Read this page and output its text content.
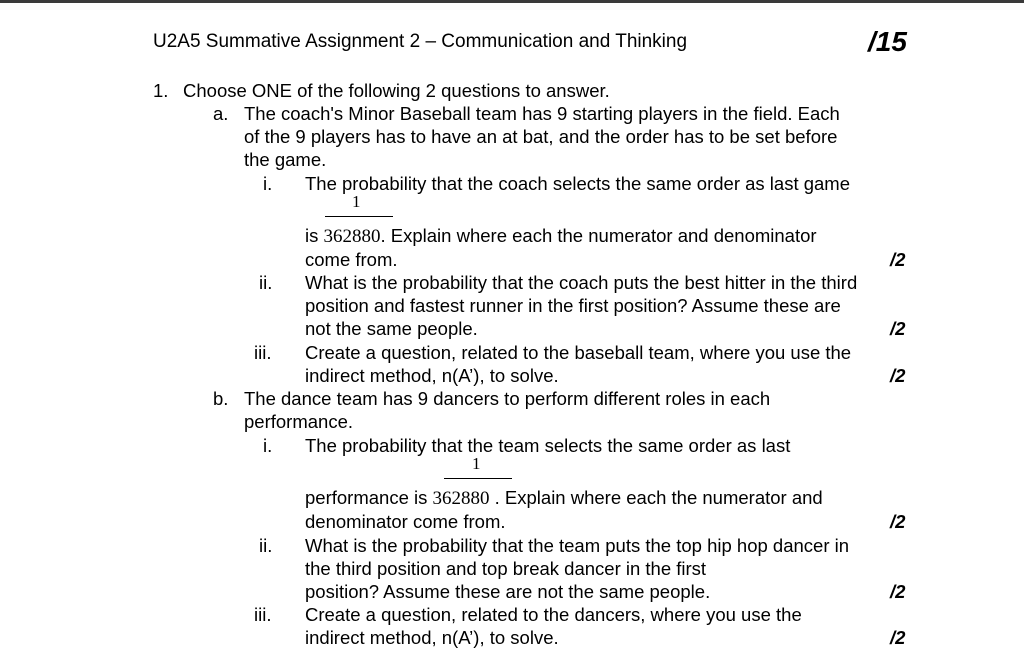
U2A5 Summative Assignment 2 – Communication and Thinking	/15
1. Choose ONE of the following 2 questions to answer.
a. The coach's Minor Baseball team has 9 starting players in the field. Each
of the 9 players has to have an at bat, and the order has to be set before
the game.
i. The probability that the coach selects the same order as last game
1
is 362880. Explain where each the numerator and denominator
come from.	/2
ii. What is the probability that the coach puts the best hitter in the third
position and fastest runner in the first position? Assume these are
not the same people.	/2
iii. Create a question, related to the baseball team, where you use the
indirect method, n(A’), to solve.	/2
b. The dance team has 9 dancers to perform different roles in each
performance.
i. The probability that the team selects the same order as last
1
performance is 362880 . Explain where each the numerator and
denominator come from.	/2
ii. What is the probability that the team puts the top hip hop dancer in
the third position and top break dancer in the first
position? Assume these are not the same people.	/2
iii. Create a question, related to the dancers, where you use the
indirect method, n(A’), to solve.	/2
